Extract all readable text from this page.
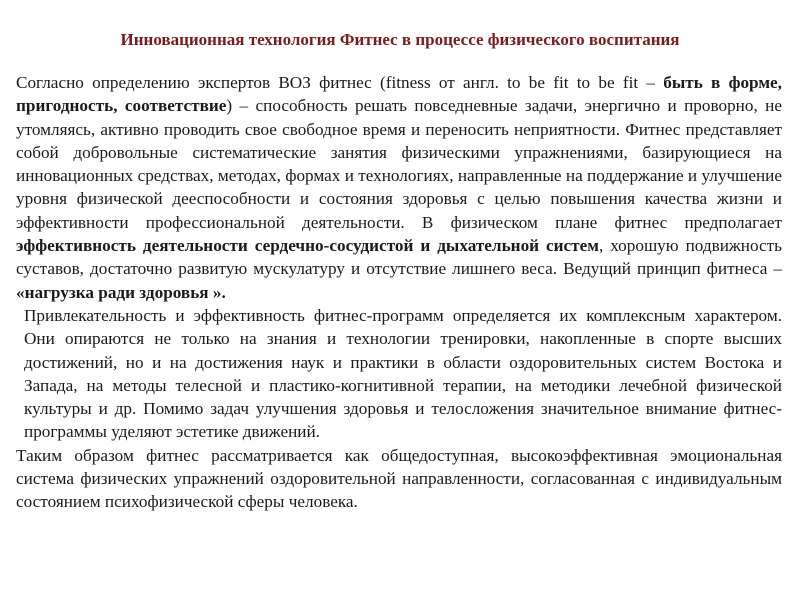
Инновационная технология Фитнес в процессе физического воспитания

Согласно определению экспертов ВОЗ фитнес (fitness от англ. to be fit to be fit – быть в форме, пригодность, соответствие) – способность решать повседневные задачи, энергично и проворно, не утомляясь, активно проводить свое свободное время и переносить неприятности. Фитнес представляет собой добровольные систематические занятия физическими упражнениями, базирующиеся на инновационных средствах, методах, формах и технологиях, направленные на поддержание и улучшение уровня физической дееспособности и состояния здоровья с целью повышения качества жизни и эффективности профессиональной деятельности. В физическом плане фитнес предполагает эффективность деятельности сердечно-сосудистой и дыхательной систем, хорошую подвижность суставов, достаточно развитую мускулатуру и отсутствие лишнего веса. Ведущий принцип фитнеса – «нагрузка ради здоровья ».

Привлекательность и эффективность фитнес-программ определяется их комплексным характером. Они опираются не только на знания и технологии тренировки, накопленные в спорте высших достижений, но и на достижения наук и практики в области оздоровительных систем Востока и Запада, на методы телесной и пластико-когнитивной терапии, на методики лечебной физической культуры и др. Помимо задач улучшения здоровья и телосложения значительное внимание фитнес-программы уделяют эстетике движений.

Таким образом фитнес рассматривается как общедоступная, высокоэффективная эмоциональная система физических упражнений оздоровительной направленности, согласованная с индивидуальным состоянием психофизической сферы человека.
